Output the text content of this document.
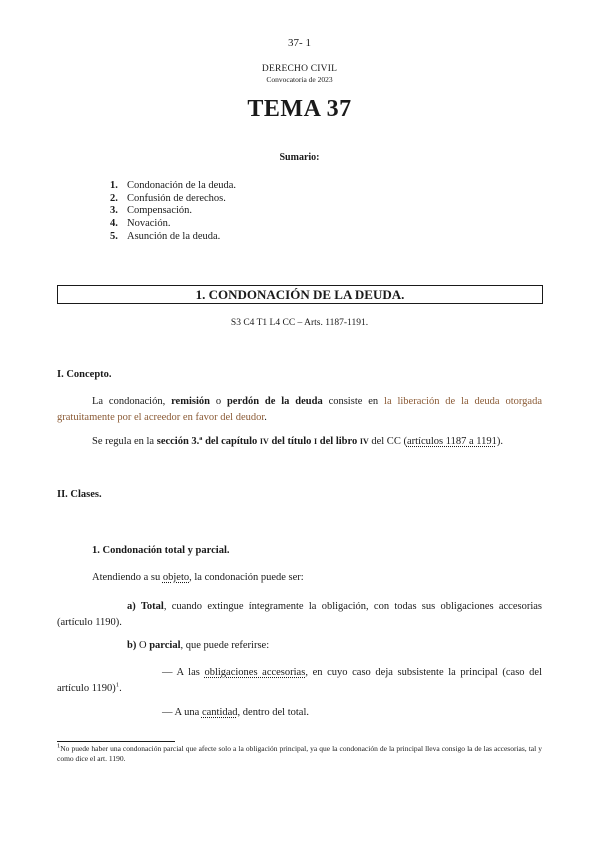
37- 1
DERECHO CIVIL
Convocatoria de 2023
TEMA 37
Sumario:
1. Condonación de la deuda.
2. Confusión de derechos.
3. Compensación.
4. Novación.
5. Asunción de la deuda.
1. CONDONACIÓN DE LA DEUDA.
S3 C4 T1 L4 CC – Arts. 1187-1191.
I. Concepto.
La condonación, remisión o perdón de la deuda consiste en la liberación de la deuda otorgada gratuitamente por el acreedor en favor del deudor.
Se regula en la sección 3.ª del capítulo IV del título I del libro IV del CC (artículos 1187 a 1191).
II. Clases.
1. Condonación total y parcial.
Atendiendo a su objeto, la condonación puede ser:
a) Total, cuando extingue íntegramente la obligación, con todas sus obligaciones accesorias (artículo 1190).
b) O parcial, que puede referirse:
— A las obligaciones accesorias, en cuyo caso deja subsistente la principal (caso del artículo 1190)$^1$.
— A una cantidad, dentro del total.
$^1$No puede haber una condonación parcial que afecte solo a la obligación principal, ya que la condonación de la principal lleva consigo la de las accesorias, tal y como dice el art. 1190.
